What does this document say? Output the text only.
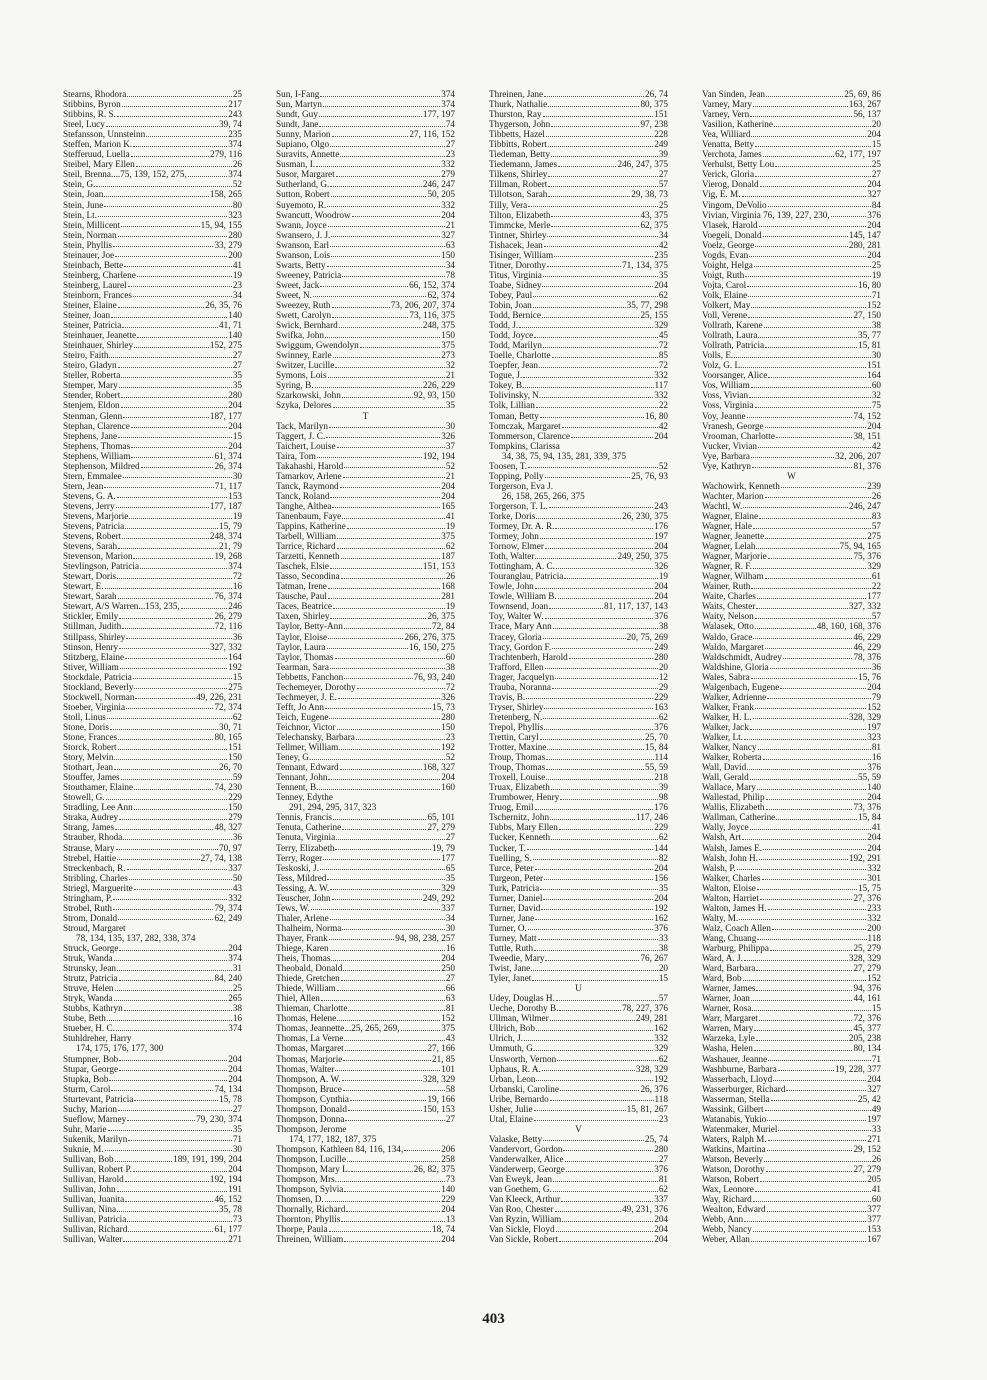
Stearns, Rhodora	25
Stibbins, Byron	217
Stibbins, R. S.	243
Steel, Lucy	39, 74
Stefansson, Unnsteinn	235
Steffen, Marion K.	374
Stefferuud, Luella	279, 116
Steibel, Mary Ellen	26
Steil, Brenna....75, 139, 152, 275,	374
Stein, G.	52
Stein, Joan	158, 265
Stein, June	80
Stein, Lt.	323
Stein, Millicent	15, 94, 155
Stein, Norman	280
Stein, Phyllis	33, 279
Steinauer, Joe	200
Steinbach, Bette	41
Steinberg, Charlene	19
Steinberg, Laurel	23
Steinborn, Frances	34
Steiner, Elaine	26, 35, 76
Steiner, Joan	140
Steiner, Patricia	41, 71
Steinhauer, Jeanette	140
Steinhauer, Shirley	152, 275
Steiro, Faith	27
Steiro, Gladyn	27
Steller, Roberta	35
Stemper, Mary	35
Stender, Robert	280
Stenjem, Eldon	204
Stenman, Glenn	187, 177
Stephan, Clarence	204
Stephens, Jane	15
Stephens, Thomas	204
Stephens, William	61, 374
Stephenson, Mildred	26, 374
Stern, Emmalee	30
Stern, Jean	71, 117
Stevens, G. A.	153
Stevens, Jerry	177, 187
Stevens, Marjorie	19
Stevens, Patricia	15, 79
Stevens, Robert	248, 374
Stevens, Sarah	21, 79
Stevenson, Marion	19, 268
Stevlingson, Patricia	374
Stewart, Doris	72
Stewart, E.	16
Stewart, Sarah	76, 374
Stewart, A/S Warren...153, 235,	246
Stickler, Emily	26, 279
Stillman, Judith	72, 116
Stillpass, Shirley	36
Stinson, Henry	327, 332
Stitzberg, Elaine	164
Stiver, William	192
Stockdale, Patricia	15
Stockland, Beverly	275
Stockwell, Norman	49, 226, 231
Stoeber, Virginia	72, 374
Stoll, Linus	62
Stone, Doris	30, 71
Stone, Frances	80, 165
Storck, Robert	151
Story, Melvin	150
Stothart, Jean	26, 70
Stouffer, James	59
Stouthamer, Elaine	74, 230
Stowell, G.	229
Stradling, Lee Ann	150
Straka, Audrey	279
Strang, James	48, 327
Strauber, Rhoda	36
Strause, Mary	70, 97
Strebel, Hattie	27, 74, 138
Streckenbach, R.	337
Stribling, Charles	50
Striegl, Marguerite	43
Stringham, P.	332
Strobel, Ruth	79, 374
Strom, Donald	62, 249
Stroud, Margaret
78, 134, 135, 137, 282, 338, 374
Struck, George	204
Struk, Wanda	374
Strunsky, Jean	31
Strutz, Patricia	84, 240
Struve, Helen	25
Stryk, Wanda	265
Stubbs, Kathryn	38
Stube, Beth	16
Stueber, H. C.	374
Stuhldreher, Harry
174, 175, 176, 177, 300
Stumpner, Bob	204
Stupar, George	204
Stupka, Bob	204
Sturm, Carol	74, 134
Sturtevant, Patricia	15, 78
Suchy, Marion	27
Sueflow, Marney	79, 230, 374
Suhr, Marie	35
Sukenik, Marilyn	71
Suknie, M.	30
Sullivan, Bob	189, 191, 199, 204
Sullivan, Robert P.	204
Sullivan, Harold	192, 194
Sullivan, John	191
Sullivan, Juanita	46, 152
Sullivan, Nina	35, 78
Sullivan, Patricia	73
Sullivan, Richard	61, 177
Sullivan, Walter	271
Sun, I-Fang	374
Sun, Martyn	374
Sundt, Guy	177, 197
Sundt, Jane	74
Sunny, Marion	27, 116, 152
Supiano, Olgo	27
Suravits, Annette	23
Susman, I.	332
Susor, Margaret	279
Sutherland, G.	246, 247
Sutton, Robert	50, 205
Suyemoto, R.	332
Swancutt, Woodrow	204
Swann, Joyce	21
Swansero, J. J.	327
Swanson, Earl	63
Swanson, Lois	150
Swarts, Betty	34
Sweeney, Patricia	78
Sweet, Jack	66, 152, 374
Sweet, N.	62, 374
Sweezey, Ruth	73, 206, 207, 374
Swett, Carolyn	73, 116, 375
Swick, Bernhard	248, 375
Swifka, John	150
Swiggum, Gwendolyn	375
Swinney, Earle	273
Switzer, Lucille	32
Symons, Lois	21
Syring, B.	226, 229
Szarkowski, John	92, 93, 150
Szyka, Delores	35
T
Tack, Marilyn	30
Taggert, J. C.	326
Taichert, Louise	37
Taira, Tom	192, 194
Takahashi, Harold	52
Tamarkov, Arlene	21
Tanck, Raymond	204
Tanck, Roland	204
Tanghe, Althea	165
Tanenbaum, Faye	41
Tappins, Katherine	19
Tarbell, William	375
Tarrice, Richard	62
Tarzetti, Kenneth	187
Taschek, Elsie	151, 153
Tasso, Secondina	26
Tatman, Irene	168
Tausche, Paul	281
Taces, Beatrice	19
Taxen, Shirley	26, 375
Taylor, Betty-Ann	72, 84
Taylor, Eloise	266, 276, 375
Taylor, Laura	16, 150, 275
Taylor, Thomas	60
Tearman, Sara	38
Tebbetts, Fanchon	76, 93, 240
Techemeyer, Dorothy	72
Techmeyer, J. E.	326
Tefft, Jo Ann	15, 73
Teich, Eugene	280
Teichnor, Victor	150
Telechansky, Barbara	23
Tellmer, William	192
Teney, G.	52
Tennant, Edward	168, 327
Tennant, John	204
Tennent, B.	160
Tenney, Edythe
291, 294, 295, 317, 323
Tennis, Francis	65, 101
Tenuta, Catherine	27, 279
Tenuta, Virginia	27
Terry, Elizabeth	19, 79
Terry, Roger	177
Teskoski, J.	65
Tess, Mildred	35
Tessing, A. W.	329
Teuscher, John	249, 292
Tews, W.	337
Thaler, Arlene	34
Thalheim, Norma	30
Thayer, Frank	94, 98, 238, 257
Thiege, Karen	16
Theis, Thomas	204
Theobald, Donald	250
Thiede, Gretchen	27
Thiede, William	66
Thiel, Allen	63
Thieman, Charlotte	81
Thomas, Helene	152
Thomas, Jeannette...25, 265, 269,	375
Thomas, La Verne	43
Thomas, Margaret	27, 166
Thomas, Marjorie	21, 85
Thomas, Walter	101
Thompson, A. W.	328, 329
Thompson, Bruce	58
Thompson, Cynthia	19, 166
Thompson, Donald	150, 153
Thompson, Donna	27
Thompson, Jerome
174, 177, 182, 187, 375
Thompson, Kathleen 84, 116, 134,	206
Thompson, Lucille	258
Thompson, Mary L.	26, 82, 375
Thompson, Mrs.	73
Thompson, Sylvia	140
Thomsen, D.	229
Thornally, Richard	204
Thornton, Phyllis	13
Thorpe, Paula	18, 74
Threinen, William	204
Threinen, Jane	26, 74
Thurk, Nathalie	80, 375
Thurston, Ray	151
Thygerson, John	97, 238
Tibbetts, Hazel	228
Tibbitts, Robert	249
Tiedeman, Betty	39
Tiedemann, James	246, 247, 375
Tilkens, Shirley	27
Tillman, Robert	57
Tillotson, Sarah	29, 38, 73
Tilly, Vera	25
Tilton, Elizabeth	43, 375
Timmcke, Merle	62, 375
Tintner, Shirley	34
Tishacek, Jean	42
Tisinger, William	235
Titner, Dorothy	71, 134, 375
Titus, Virginia	35
Toabe, Sidney	204
Tobey, Paul	62
Tobin, Joan	35, 77, 298
Todd, Bernice	25, 155
Todd, J.	329
Todd, Joyce	45
Todd, Marilyn	72
Toelle, Charlotte	85
Toepfer, Jean	72
Togue, J.	332
Tokey, B.	117
Tolivinsky, N.	332
Tolk, Lillian	22
Toman, Betty	16, 80
Tomczak, Margaret	42
Tommerson, Clarence	204
Tompkins, Clarissa
34, 38, 75, 94, 135, 281, 339, 375
Toosen, T.	52
Topping, Polly	25, 76, 93
Torgerson, Eva J.
26, 158, 265, 266, 375
Torgerson, T. L.	243
Torke, Doris	26, 230, 375
Tormey, Dr. A. R.	176
Tormey, John	197
Tornow, Elmer	204
Toth, Walter	249, 250, 375
Tottingham, A. C.	326
Touranglau, Patricia	19
Towle, John	204
Towle, William B.	204
Townsend, Joan	81, 117, 137, 143
Toy, Walter W.	376
Trace, Mary Ann	38
Tracey, Gloria	20, 75, 269
Tracy, Gordon F.	249
Trachtenberh, Harold	280
Trafford, Ellen	20
Trager, Jacquelyn	12
Trauba, Noranna	29
Travis, B.	229
Tryser, Shirley	163
Tretenberg, N.	62
Trepol, Phyllis	376
Trettin, Caryl	25, 70
Trotter, Maxine	15, 84
Troup, Thomas	114
Troup, Thomas	55, 59
Troxell, Louise	218
Truax, Elizabeth	39
Trumbower, Henry	98
Truog, Emil	176
Tschernitz, John	117, 246
Tubbs, Mary Ellen	229
Tucker, Kenneth	62
Tucker, T.	144
Tuelling, S.	82
Turce, Peter	204
Turgeon, Peter	156
Turk, Patricia	35
Turner, Daniel	204
Turner, David	192
Turner, Jane	162
Turner, O.	376
Turney, Matt	33
Tuttle, Ruth	38
Tweedie, Mary	76, 267
Twist, Jane	20
Tyler, Janet	15
U
Udey, Douglas H.	57
Ueche, Dorothy B.	78, 227, 376
Ullman, Wilmer	249, 281
Ullrich, Bob	162
Ulrich, J.	332
Ummuth, G.	329
Unsworth, Vernon	62
Uphaus, R. A.	328, 329
Urban, Leon	192
Urbanski, Caroline	26, 376
Uribe, Bernardo	118
Usher, Julie	15, 81, 267
Utal, Elaine	23
V
Valaske, Betty	25, 74
Vandervort, Gordon	280
Vanderwalker, Alice	27
Vanderwerp, George	376
Van Eweyk, Jean	81
van Goethem, G.	62
Van Kleeck, Arthur	337
Van Roo, Chester	49, 231, 376
Van Ryzin, William	204
Van Sickle, Floyd	204
Van Sickle, Robert	204
Van Sinden, Jean	25, 69, 86
Varney, Mary	163, 267
Varney, Vern	56, 137
Vasilion, Katherine	20
Vea, Williard	204
Venatta, Betty	15
Verchota, James	62, 177, 197
Verhulst, Betty Lou	25
Verick, Gloria	27
Vierog, Donald	204
Vig, E. M.	327
Vingom, DeVolio	84
Vivian, Virginia 76, 139, 227, 230,	376
Vlasek, Harold	204
Voegeli, Donald	145, 147
Voelz, George	280, 281
Vogds, Evan	204
Voight, Helga	25
Voigt, Ruth	19
Vojta, Carol	16, 80
Volk, Elaine	71
Volkert, May	152
Voll, Verene	27, 150
Vollrath, Karene	38
Vollrath, Laura	35, 77
Vollrath, Patricia	15, 81
Volls, E.	30
Volz, G. L.	151
Voorsanger, Alice	164
Vos, William	60
Voss, Vivian	32
Voss, Virginia	75
Voy, Jeanne	74, 152
Vranesh, George	204
Vrooman, Charlotte	38, 151
Vucker, Vivian	42
Vye, Barbara	32, 206, 207
Vye, Kathryn	81, 376
W
Wachowirk, Kenneth	239
Wachter, Marion	26
Wachtl, W.	246, 247
Wagner, Elaine	83
Wagner, Hale	57
Wagner, Jeanette	275
Wagner, Lelah	75, 94, 165
Wagner, Marjorie	75, 376
Wagner, R. F.	329
Wagner, Wilham	61
Wainer, Ruth	22
Waite, Charles	177
Waits, Chester	327, 332
Waity, Nelson	57
Walasek, Otto	48, 160, 168, 376
Waldo, Grace	46, 229
Waldo, Margaret	46, 229
Waldschmidt, Audrey	78, 376
Waldshine, Gloria	36
Wales, Sabra	15, 76
Walgenbach, Eugene	204
Walker, Adrienne	79
Walker, Frank	152
Walker, H. L.	328, 329
Walker, Jack	197
Walker, Lt.	323
Walker, Nancy	81
Walker, Roberta	16
Wall, David	376
Wall, Gerald	55, 59
Wallace, Mary	140
Wallestad, Philip	204
Wallis, Elizabeth	73, 376
Wallman, Catherine	15, 84
Wally, Joyce	41
Walsh, Art	204
Walsh, James E.	204
Walsh, John H.	192, 291
Walsh, P.	332
Walker, Charles	301
Walton, Eloise	15, 75
Walton, Harriet	27, 376
Walton, James H.	233
Walty, M.	332
Walz, Coach Allen	200
Wang, Chuang	118
Warburg, Philippa	25, 279
Ward, A. J.	328, 329
Ward, Barbara	27, 279
Ward, Bob	152
Warner, James	94, 376
Warner, Joan	44, 161
Warner, Rosa	15
Warr, Margaret	72, 376
Warren, Mary	45, 377
Warzeka, Lyle	205, 238
Washa, Helen	80, 134
Washauer, Jeanne	71
Washburne, Barbara	19, 228, 377
Wasserbach, Lloyd	204
Wasserburger, Richard	327
Wasserman, Stella	25, 42
Wassink, Gilbert	49
Watanabis, Yukio	197
Watenmaker, Muriel	33
Waters, Ralph M.	271
Watkins, Martina	29, 152
Watson, Beverly	26
Watson, Dorothy	27, 279
Watson, Robert	205
Wax, Leonore	41
Way, Richard	60
Wealton, Edward	377
Webb, Ann	377
Webb, Nancy	153
Weber, Allan	167
403
